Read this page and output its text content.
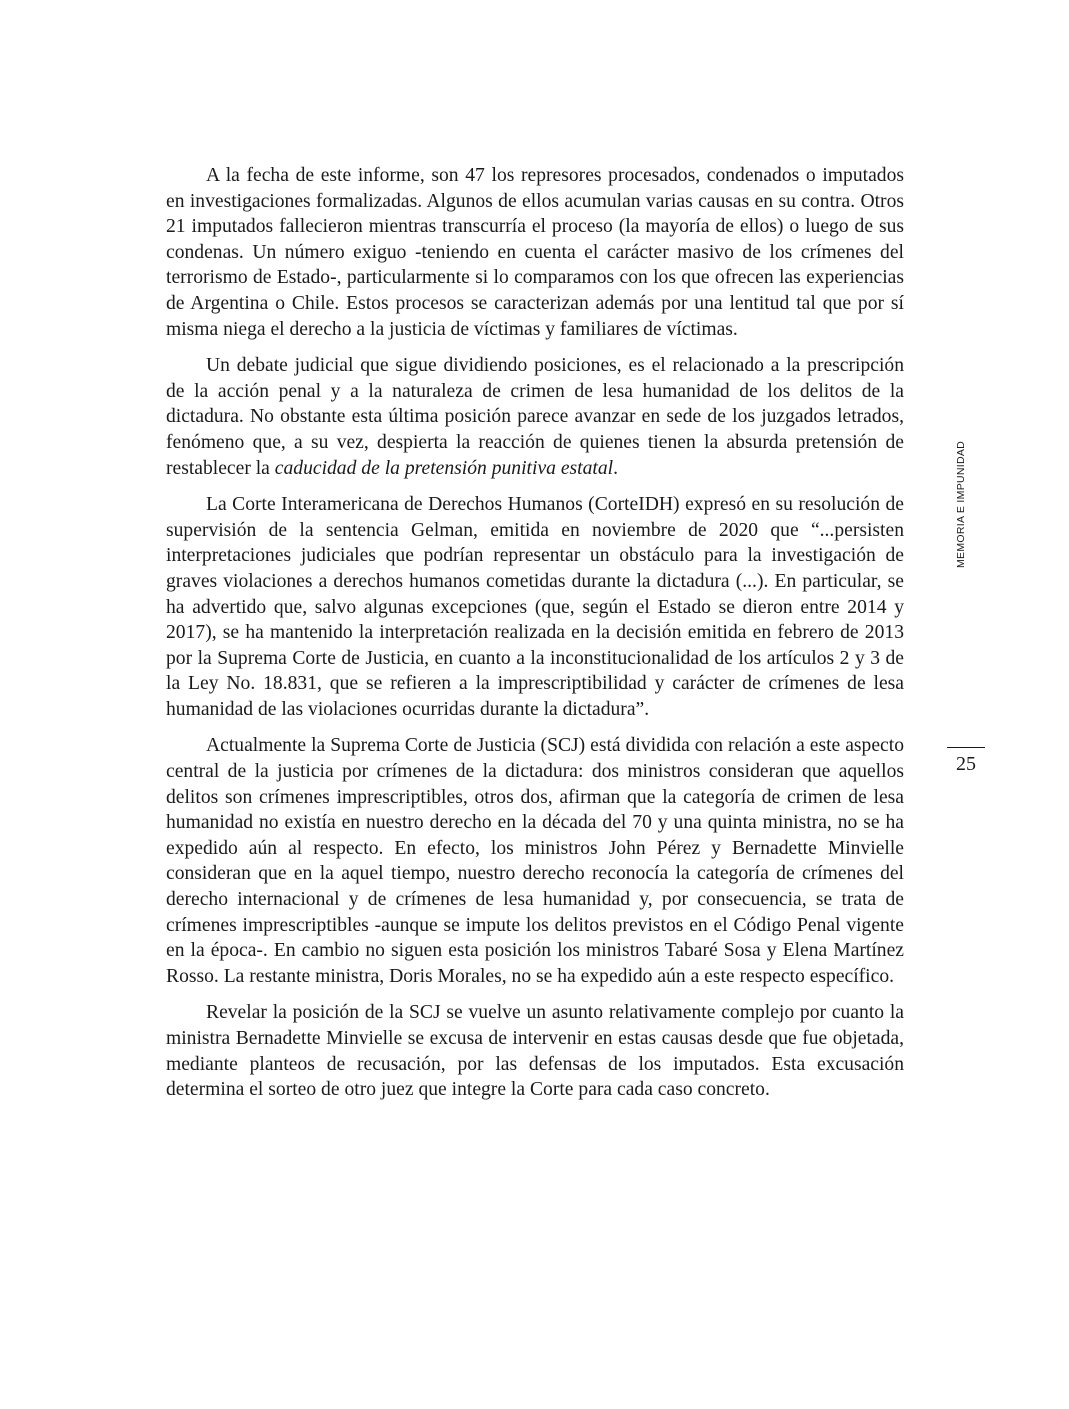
A la fecha de este informe, son 47 los represores procesados, condenados o imputados en investigaciones formalizadas. Algunos de ellos acumulan varias causas en su contra. Otros 21 imputados fallecieron mientras transcurría el proceso (la mayoría de ellos) o luego de sus condenas. Un número exiguo -teniendo en cuenta el carácter masivo de los crímenes del terrorismo de Estado-, particularmente si lo comparamos con los que ofrecen las experiencias de Argentina o Chile. Estos procesos se caracterizan además por una lentitud tal que por sí misma niega el derecho a la justicia de víctimas y familiares de víctimas.

Un debate judicial que sigue dividiendo posiciones, es el relacionado a la prescripción de la acción penal y a la naturaleza de crimen de lesa humanidad de los delitos de la dictadura. No obstante esta última posición parece avanzar en sede de los juzgados letrados, fenómeno que, a su vez, despierta la reacción de quienes tienen la absurda pretensión de restablecer la caducidad de la pretensión punitiva estatal.

La Corte Interamericana de Derechos Humanos (CorteIDH) expresó en su resolución de supervisión de la sentencia Gelman, emitida en noviembre de 2020 que “...persisten interpretaciones judiciales que podrían representar un obstáculo para la investigación de graves violaciones a derechos humanos cometidas durante la dictadura (...). En particular, se ha advertido que, salvo algunas excepciones (que, según el Estado se dieron entre 2014 y 2017), se ha mantenido la interpretación realizada en la decisión emitida en febrero de 2013 por la Suprema Corte de Justicia, en cuanto a la inconstitucionalidad de los artículos 2 y 3 de la Ley No. 18.831, que se refieren a la imprescriptibilidad y carácter de crímenes de lesa humanidad de las violaciones ocurridas durante la dictadura”.

Actualmente la Suprema Corte de Justicia (SCJ) está dividida con relación a este aspecto central de la justicia por crímenes de la dictadura: dos ministros consideran que aquellos delitos son crímenes imprescriptibles, otros dos, afirman que la categoría de crimen de lesa humanidad no existía en nuestro derecho en la década del 70 y una quinta ministra, no se ha expedido aún al respecto. En efecto, los ministros John Pérez y Bernadette Minvielle consideran que en la aquel tiempo, nuestro derecho reconocía la categoría de crímenes del derecho internacional y de crímenes de lesa humanidad y, por consecuencia, se trata de crímenes imprescriptibles -aunque se impute los delitos previstos en el Código Penal vigente en la época-. En cambio no siguen esta posición los ministros Tabaré Sosa y Elena Martínez Rosso. La restante ministra, Doris Morales, no se ha expedido aún a este respecto específico.

Revelar la posición de la SCJ se vuelve un asunto relativamente complejo por cuanto la ministra Bernadette Minvielle se excusa de intervenir en estas causas desde que fue objetada, mediante planteos de recusación, por las defensas de los imputados. Esta excusación determina el sorteo de otro juez que integre la Corte para cada caso concreto.

MEMORIA E IMPUNIDAD
25
